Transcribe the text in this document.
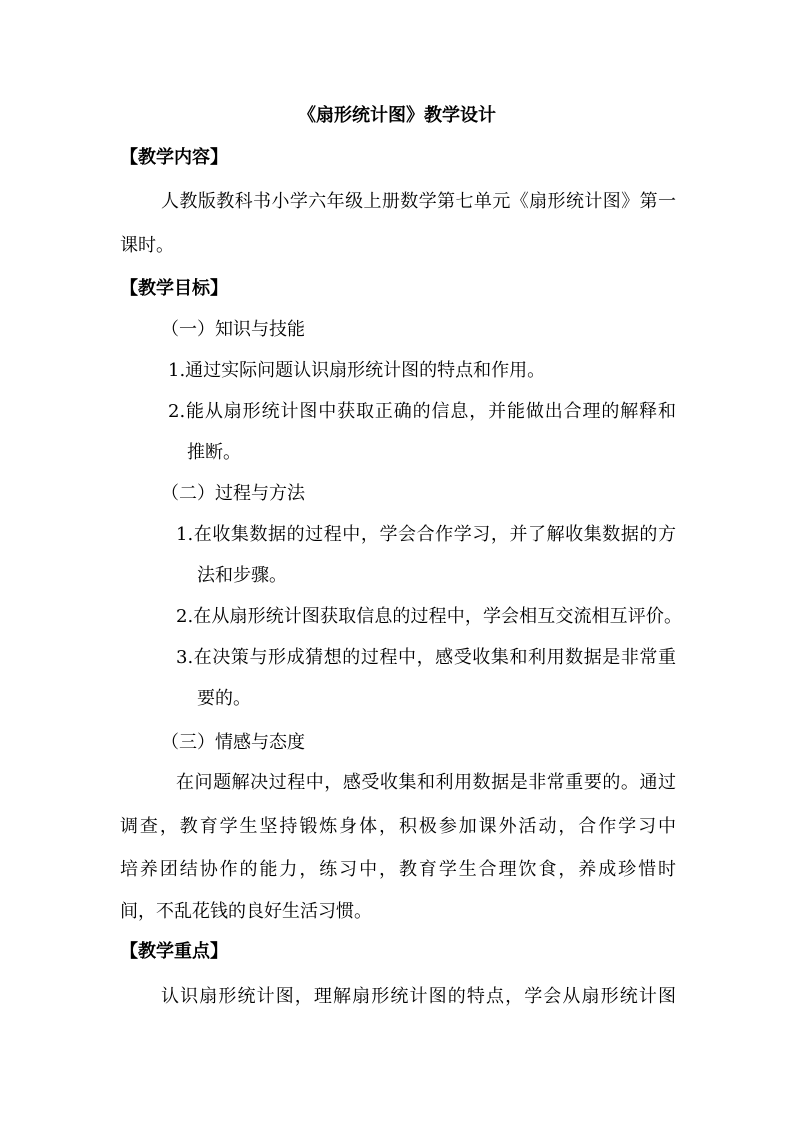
《扇形统计图》教学设计
【教学内容】
人教版教科书小学六年级上册数学第七单元《扇形统计图》第一
课时。
【教学目标】
（一）知识与技能
1.通过实际问题认识扇形统计图的特点和作用。
2.能从扇形统计图中获取正确的信息，并能做出合理的解释和
推断。
（二）过程与方法
1.在收集数据的过程中，学会合作学习，并了解收集数据的方
法和步骤。
2.在从扇形统计图获取信息的过程中，学会相互交流相互评价。
3.在决策与形成猜想的过程中，感受收集和利用数据是非常重
要的。
（三）情感与态度
在问题解决过程中，感受收集和利用数据是非常重要的。通过
调查，教育学生坚持锻炼身体，积极参加课外活动，合作学习中
培养团结协作的能力，练习中，教育学生合理饮食，养成珍惜时
间，不乱花钱的良好生活习惯。
【教学重点】
认识扇形统计图，理解扇形统计图的特点，学会从扇形统计图
